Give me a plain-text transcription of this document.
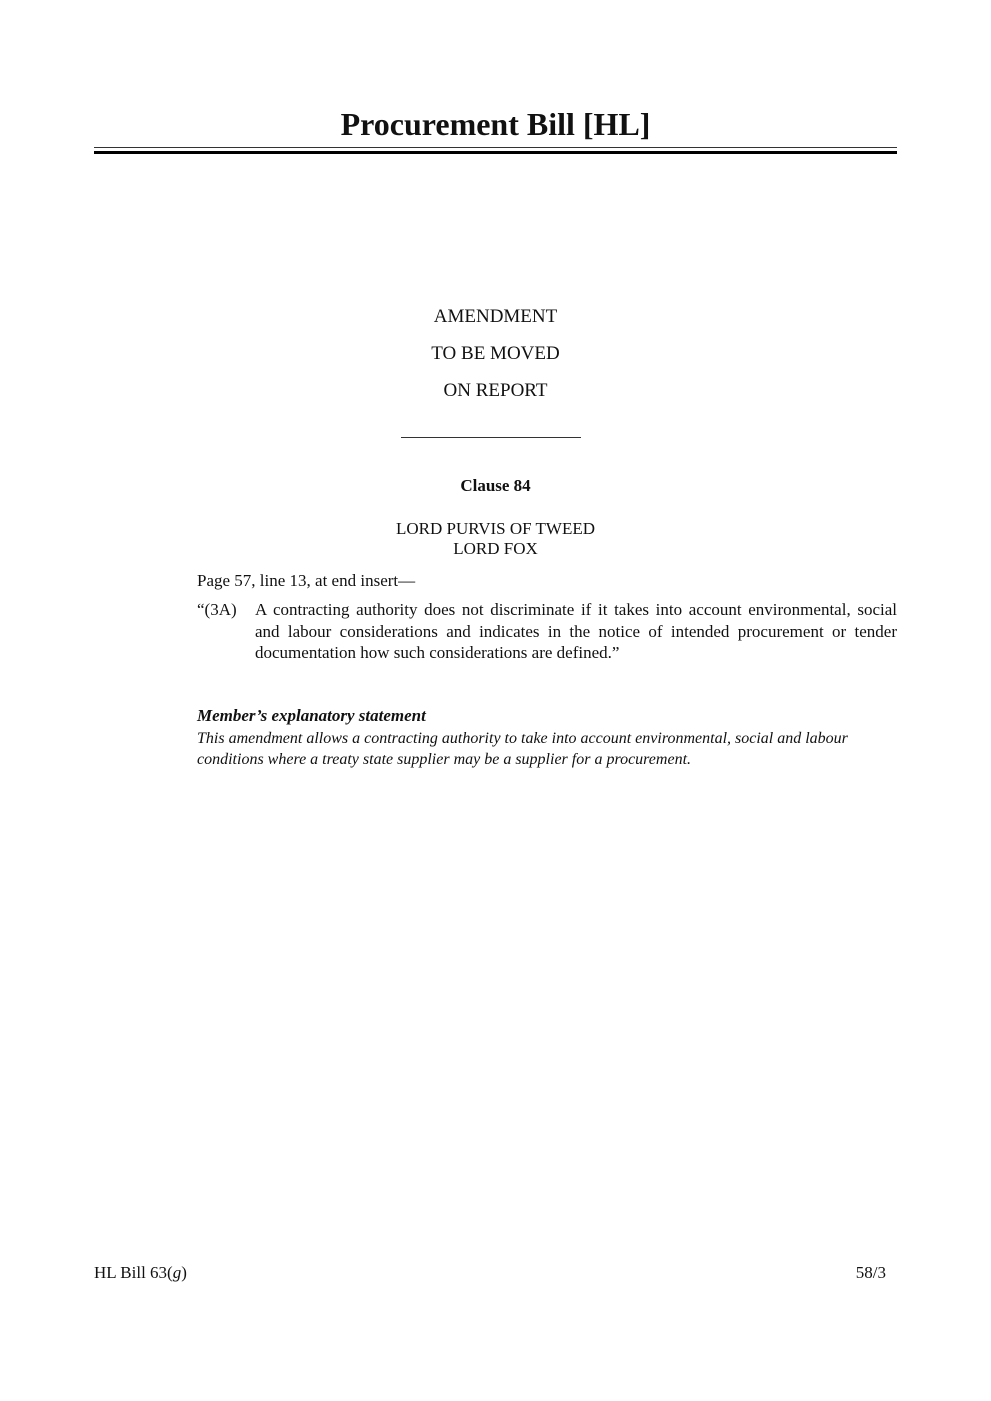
Procurement Bill [HL]
AMENDMENT
TO BE MOVED
ON REPORT
Clause 84
LORD PURVIS OF TWEED
LORD FOX
Page 57, line 13, at end insert—
“(3A) A contracting authority does not discriminate if it takes into account environmental, social and labour considerations and indicates in the notice of intended procurement or tender documentation how such considerations are defined.”
Member’s explanatory statement
This amendment allows a contracting authority to take into account environmental, social and labour conditions where a treaty state supplier may be a supplier for a procurement.
HL Bill 63(g)	58/3
